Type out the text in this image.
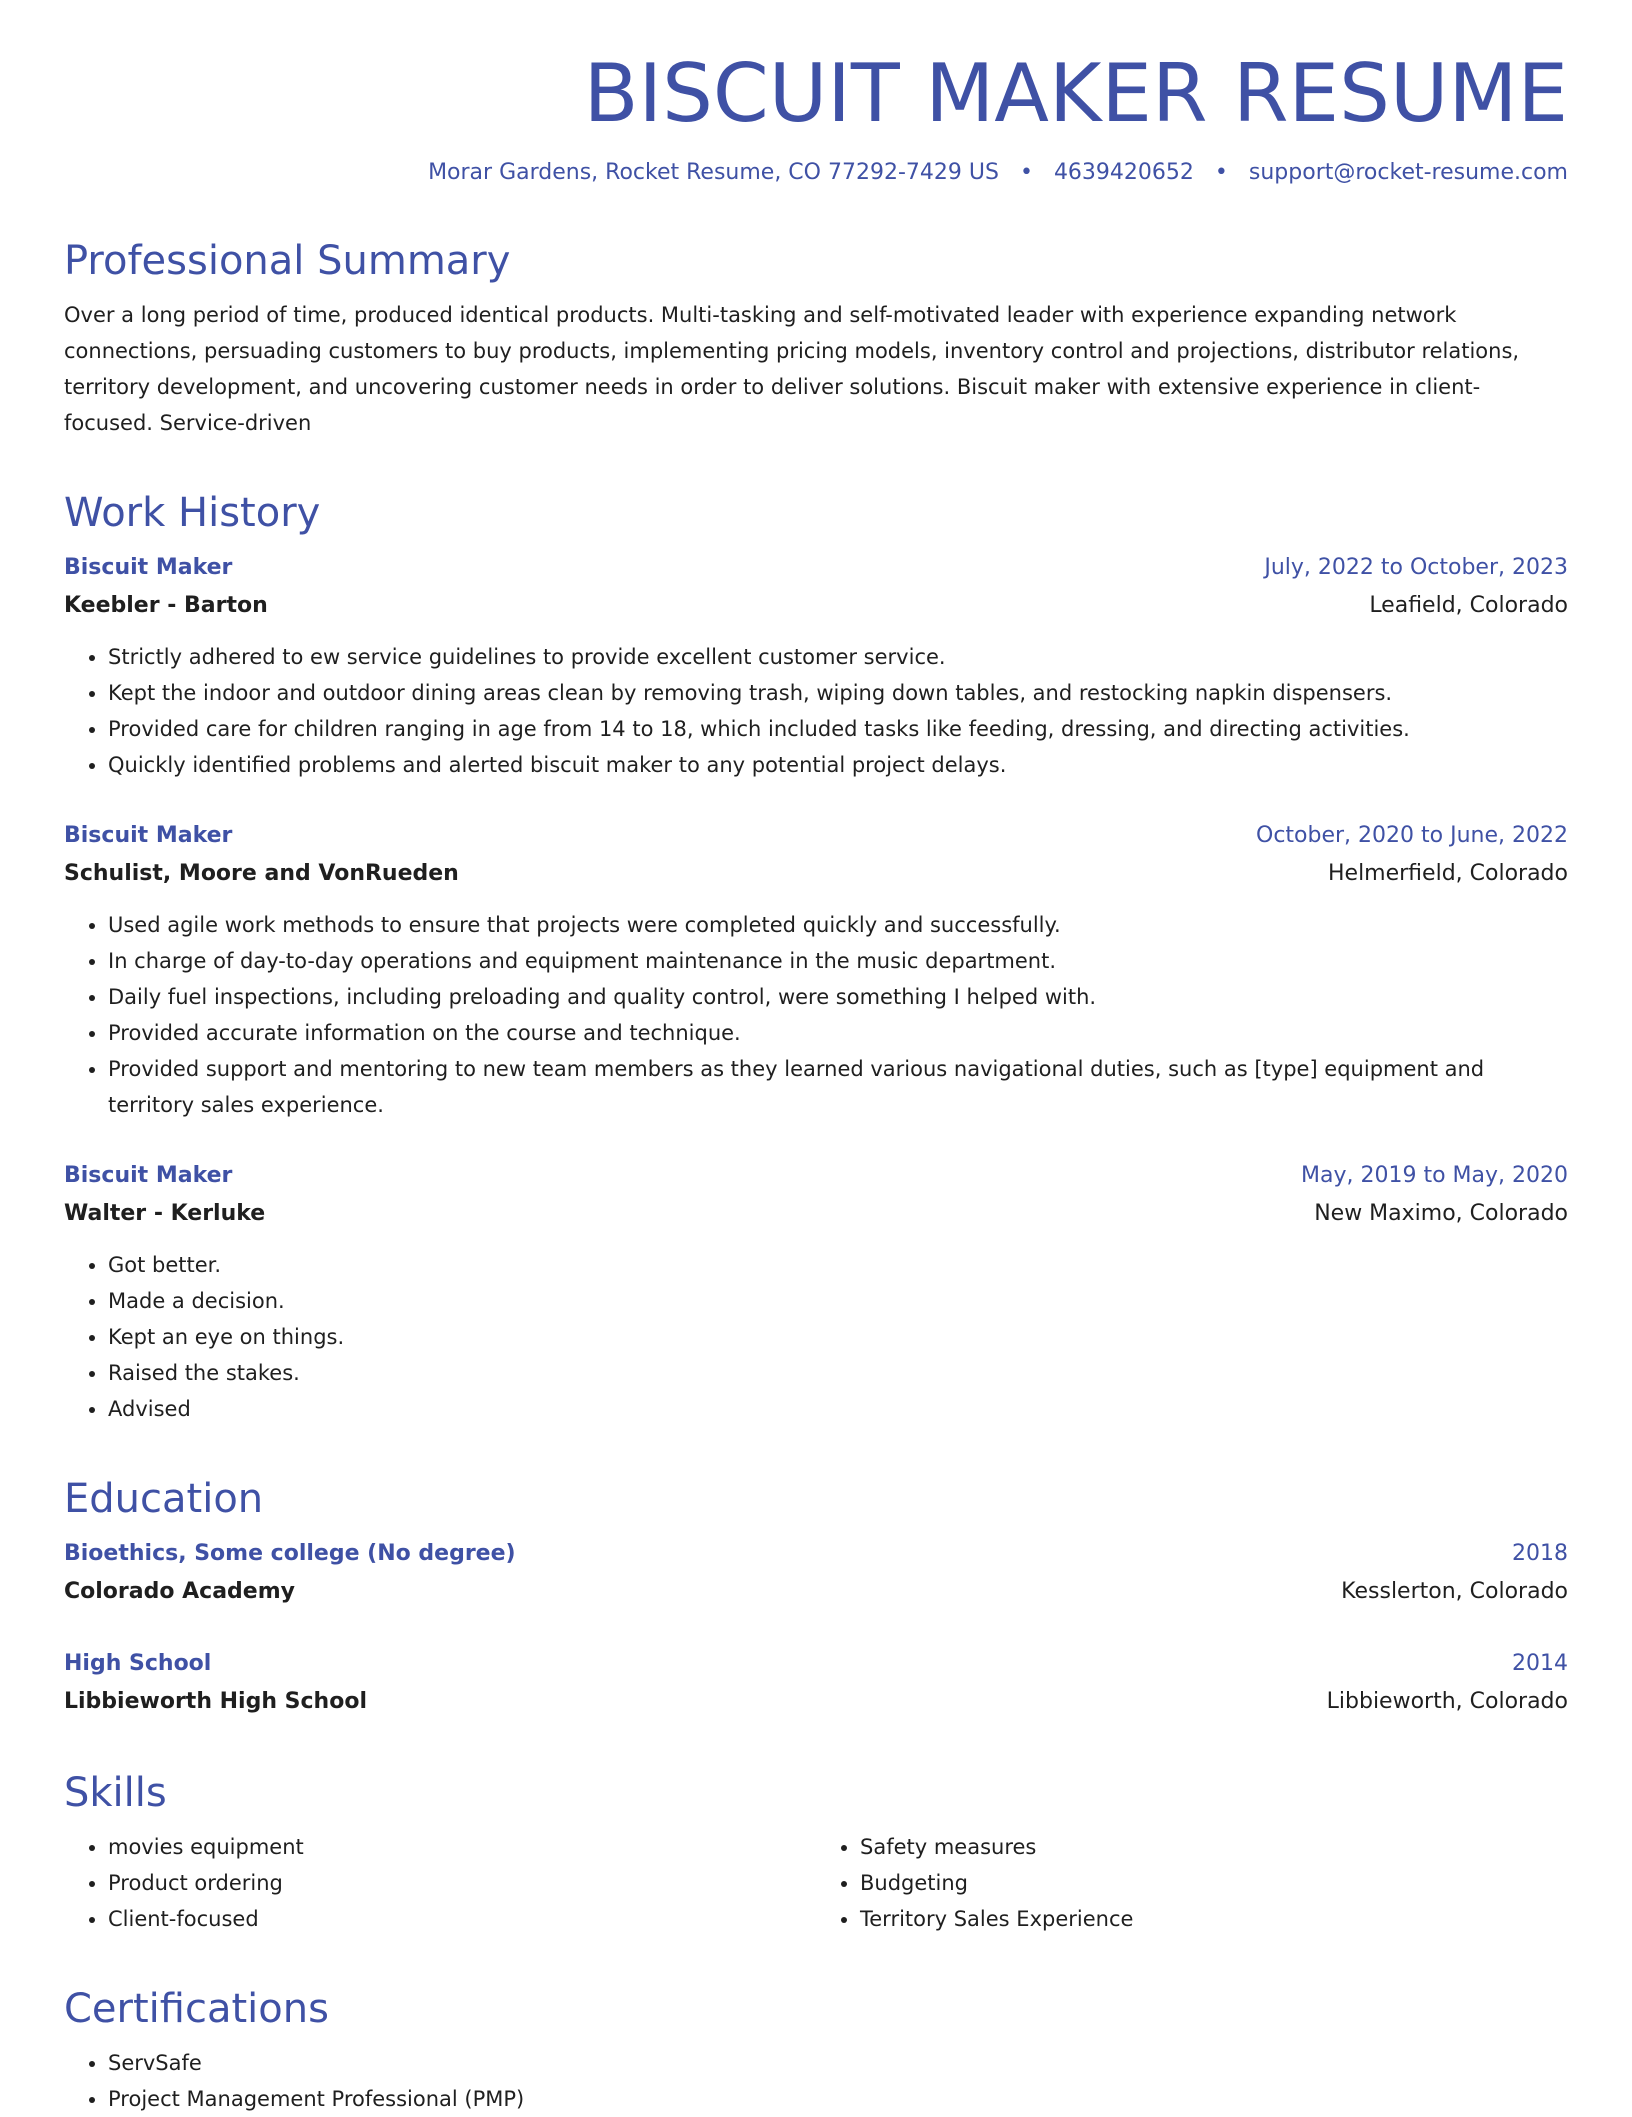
BISCUIT MAKER RESUME
Morar Gardens, Rocket Resume, CO 77292-7429 US • 4639420652 • support@rocket-resume.com
Professional Summary

Over a long period of time, produced identical products. Multi-tasking and self-motivated leader with experience expanding network connections, persuading customers to buy products, implementing pricing models, inventory control and projections, distributor relations, territory development, and uncovering customer needs in order to deliver solutions. Biscuit maker with extensive experience in client-focused. Service-driven

Work History
Biscuit Maker	July, 2022 to October, 2023
Keebler - Barton	Leafield, Colorado
• Strictly adhered to ew service guidelines to provide excellent customer service.
• Kept the indoor and outdoor dining areas clean by removing trash, wiping down tables, and restocking napkin dispensers.
• Provided care for children ranging in age from 14 to 18, which included tasks like feeding, dressing, and directing activities.
• Quickly identified problems and alerted biscuit maker to any potential project delays.
Biscuit Maker	October, 2020 to June, 2022
Schulist, Moore and VonRueden	Helmerfield, Colorado
• Used agile work methods to ensure that projects were completed quickly and successfully.
• In charge of day-to-day operations and equipment maintenance in the music department.
• Daily fuel inspections, including preloading and quality control, were something I helped with.
• Provided accurate information on the course and technique.
• Provided support and mentoring to new team members as they learned various navigational duties, such as [type] equipment and territory sales experience.
Biscuit Maker	May, 2019 to May, 2020
Walter - Kerluke	New Maximo, Colorado
• Got better.
• Made a decision.
• Kept an eye on things.
• Raised the stakes.
• Advised
Education
Bioethics, Some college (No degree)	2018
Colorado Academy	Kesslerton, Colorado
High School	2014
Libbieworth High School	Libbieworth, Colorado
Skills
• movies equipment
• Product ordering
• Client-focused
• Safety measures
• Budgeting
• Territory Sales Experience
Certifications
• ServSafe
• Project Management Professional (PMP)
